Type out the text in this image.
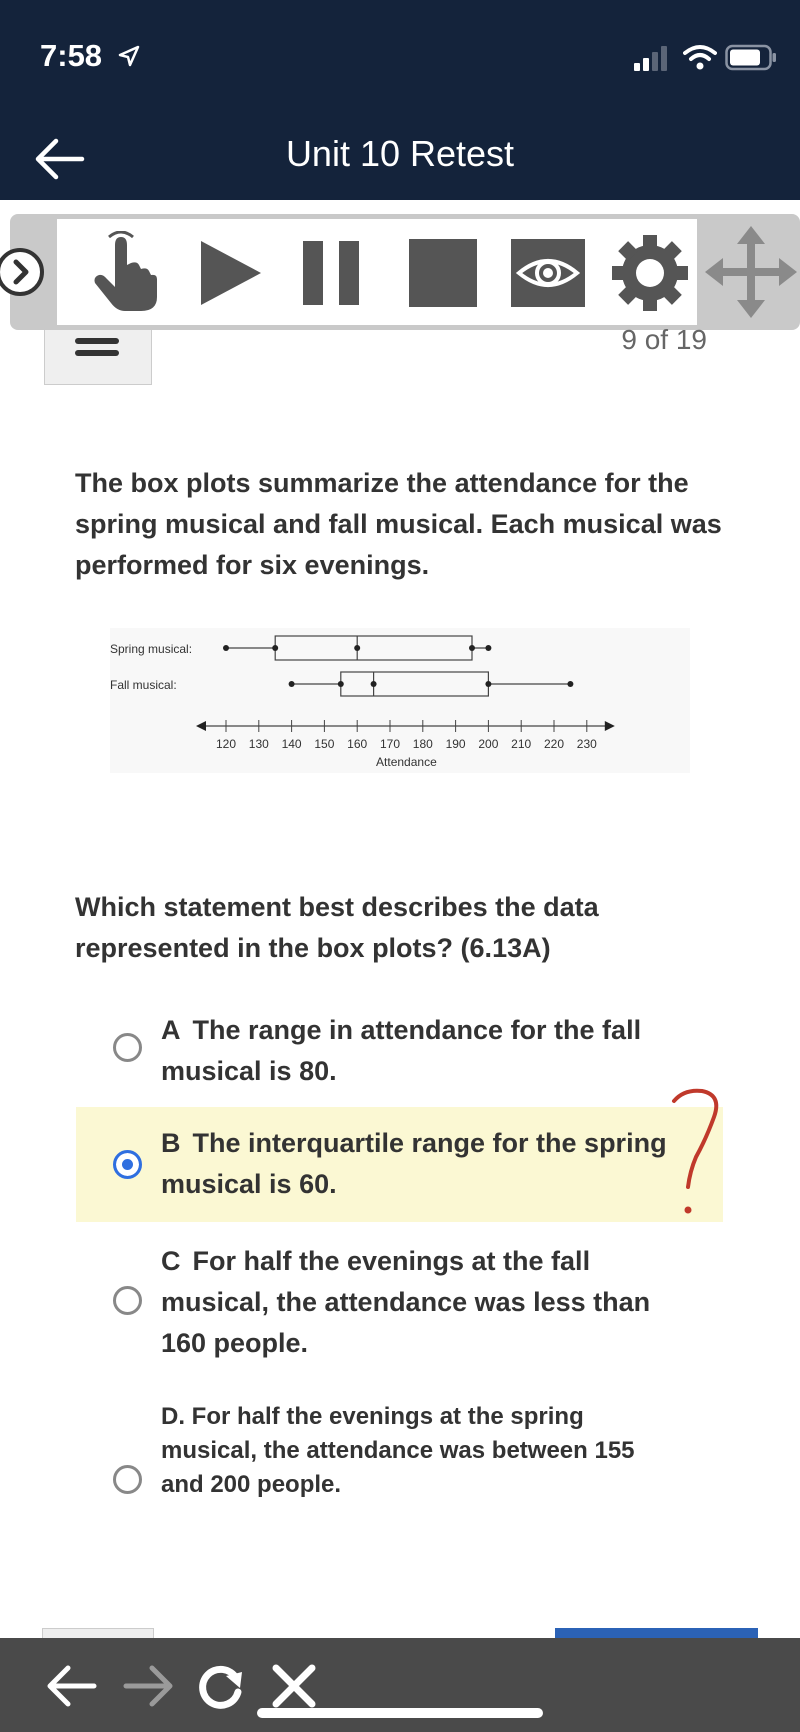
7:58
Unit 10 Retest
9 of 19
The box plots summarize the attendance for the spring musical and fall musical. Each musical was performed for six evenings.
Spring musical:
Fall musical:
120 130 140 150 160 170 180 190 200 210 220 230
Attendance
Which statement best describes the data represented in the box plots? (6.13A)
A The range in attendance for the fall musical is 80.
B The interquartile range for the spring musical is 60.
C For half the evenings at the fall musical, the attendance was less than 160 people.
D. For half the evenings at the spring musical, the attendance was between 155 and 200 people.
